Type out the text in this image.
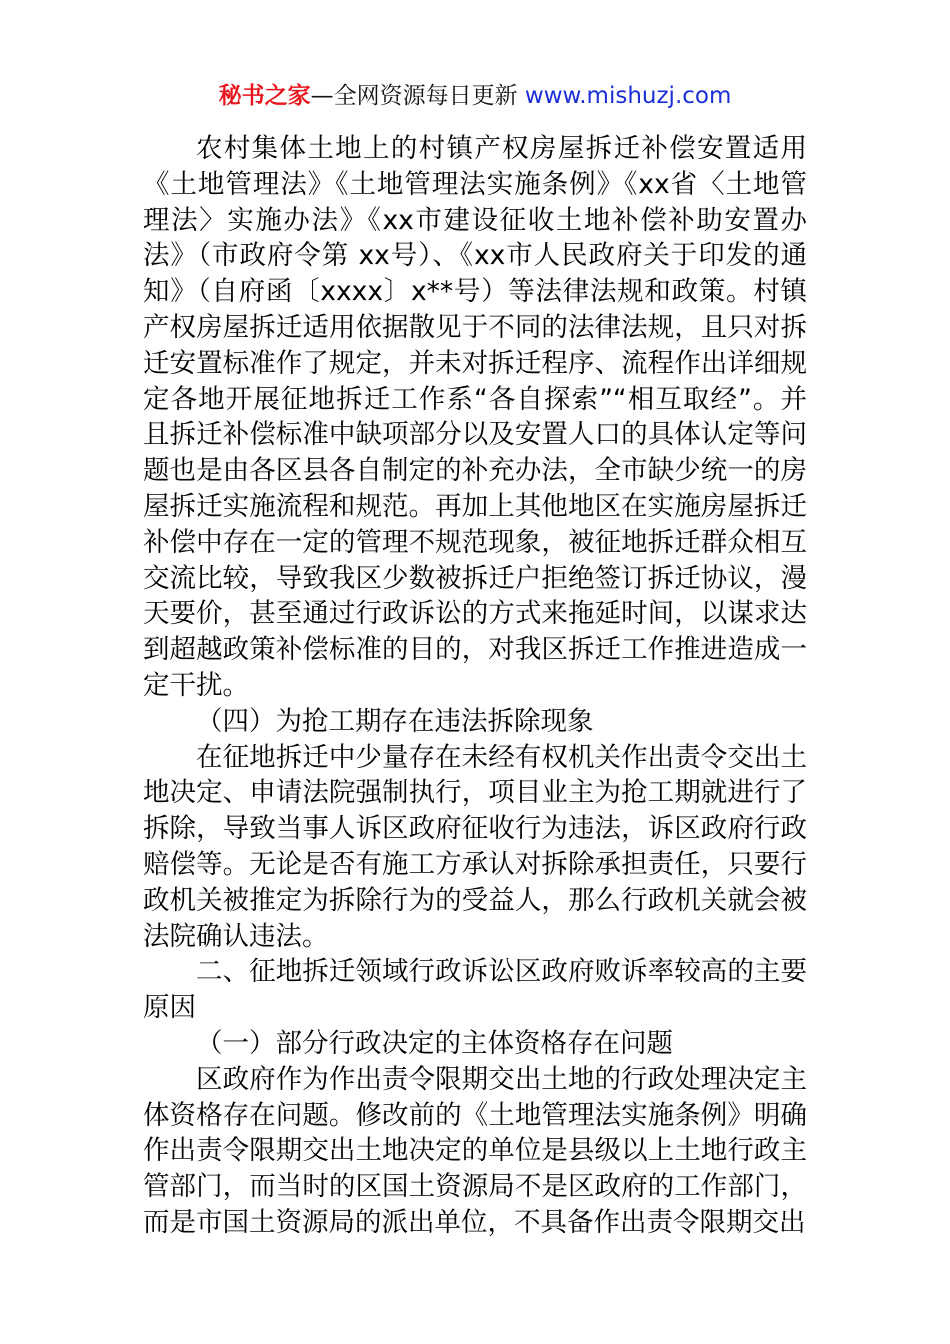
秘书之家—全网资源每日更新 www.mishuzj.com

农村集体土地上的村镇产权房屋拆迁补偿安置适用《土地管理法》《土地管理法实施条例》《xx省〈土地管理法〉实施办法》《xx市建设征收土地补偿补助安置办法》（市政府令第 xx号）、《xx市人民政府关于印发的通知》（自府函〔xxxx〕x**号）等法律法规和政策。村镇产权房屋拆迁适用依据散见于不同的法律法规，且只对拆迁安置标准作了规定，并未对拆迁程序、流程作出详细规定各地开展征地拆迁工作系“各自探索”“相互取经”。并且拆迁补偿标准中缺项部分以及安置人口的具体认定等问题也是由各区县各自制定的补充办法，全市缺少统一的房屋拆迁实施流程和规范。再加上其他地区在实施房屋拆迁补偿中存在一定的管理不规范现象，被征地拆迁群众相互交流比较，导致我区少数被拆迁户拒绝签订拆迁协议，漫天要价，甚至通过行政诉讼的方式来拖延时间，以谋求达到超越政策补偿标准的目的，对我区拆迁工作推进造成一定干扰。

（四）为抢工期存在违法拆除现象

在征地拆迁中少量存在未经有权机关作出责令交出土地决定、申请法院强制执行，项目业主为抢工期就进行了拆除，导致当事人诉区政府征收行为违法，诉区政府行政赔偿等。无论是否有施工方承认对拆除承担责任，只要行政机关被推定为拆除行为的受益人，那么行政机关就会被法院确认违法。

二、征地拆迁领域行政诉讼区政府败诉率较高的主要原因

（一）部分行政决定的主体资格存在问题

区政府作为作出责令限期交出土地的行政处理决定主体资格存在问题。修改前的《土地管理法实施条例》明确作出责令限期交出土地决定的单位是县级以上土地行政主管部门，而当时的区国土资源局不是区政府的工作部门，而是市国土资源局的派出单位，不具备作出责令限期交出
